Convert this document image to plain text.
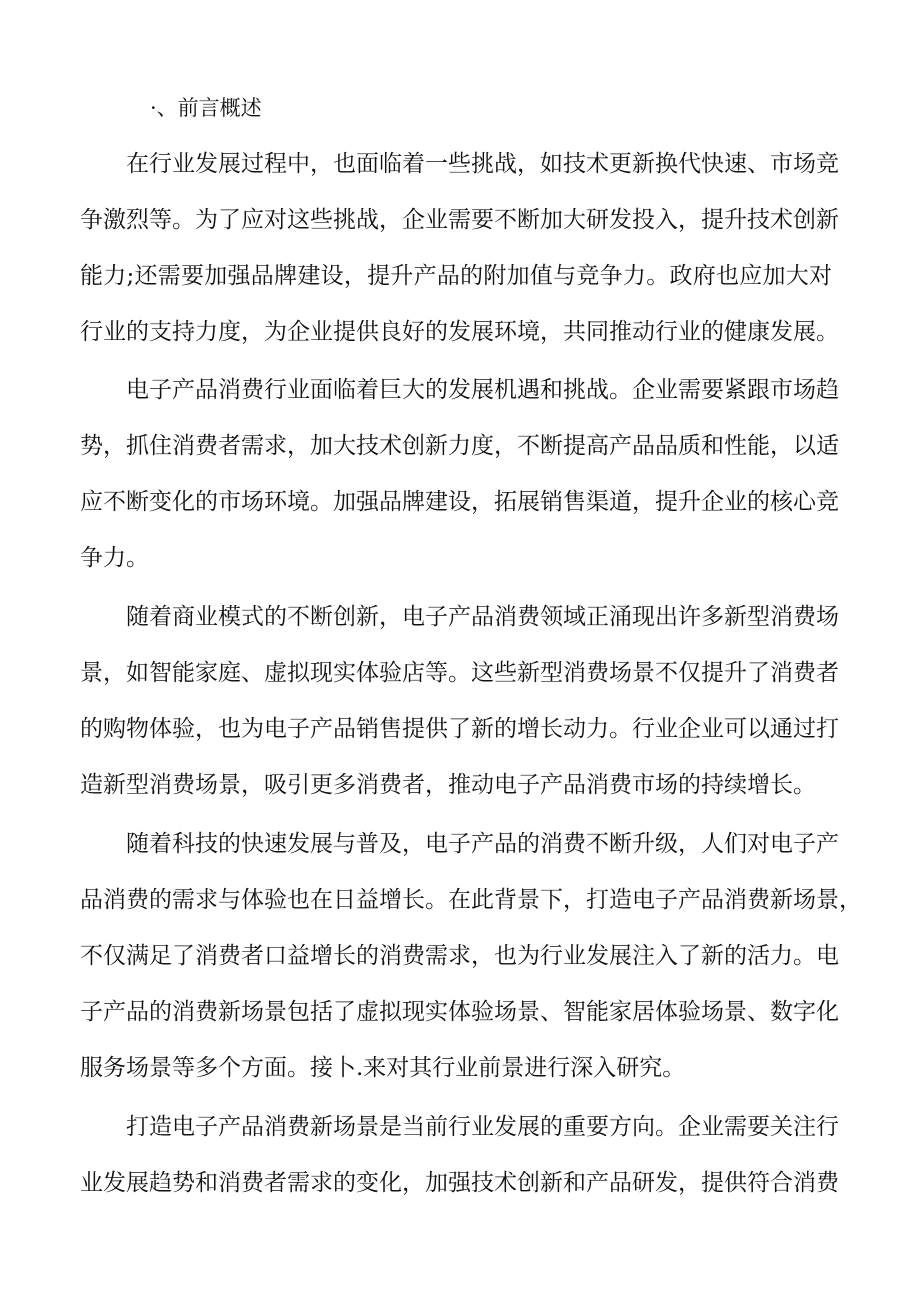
·、前言概述
在行业发展过程中，也面临着一些挑战，如技术更新换代快速、市场竞
争激烈等。为了应对这些挑战，企业需要不断加大研发投入，提升技术创新
能力;还需要加强品牌建设，提升产品的附加值与竞争力。政府也应加大对
行业的支持力度，为企业提供良好的发展环境，共同推动行业的健康发展。
电子产品消费行业面临着巨大的发展机遇和挑战。企业需要紧跟市场趋
势，抓住消费者需求，加大技术创新力度，不断提高产品品质和性能，以适
应不断变化的市场环境。加强品牌建设，拓展销售渠道，提升企业的核心竞
争力。
随着商业模式的不断创新，电子产品消费领域正涌现出许多新型消费场
景，如智能家庭、虚拟现实体验店等。这些新型消费场景不仅提升了消费者
的购物体验，也为电子产品销售提供了新的增长动力。行业企业可以通过打
造新型消费场景，吸引更多消费者，推动电子产品消费市场的持续增长。
随着科技的快速发展与普及，电子产品的消费不断升级，人们对电子产
品消费的需求与体验也在日益增长。在此背景下，打造电子产品消费新场景，
不仅满足了消费者口益增长的消费需求，也为行业发展注入了新的活力。电
子产品的消费新场景包括了虚拟现实体验场景、智能家居体验场景、数字化
服务场景等多个方面。接卜.来对其行业前景进行深入研究。
打造电子产品消费新场景是当前行业发展的重要方向。企业需要关注行
业发展趋势和消费者需求的变化，加强技术创新和产品研发，提供符合消费
